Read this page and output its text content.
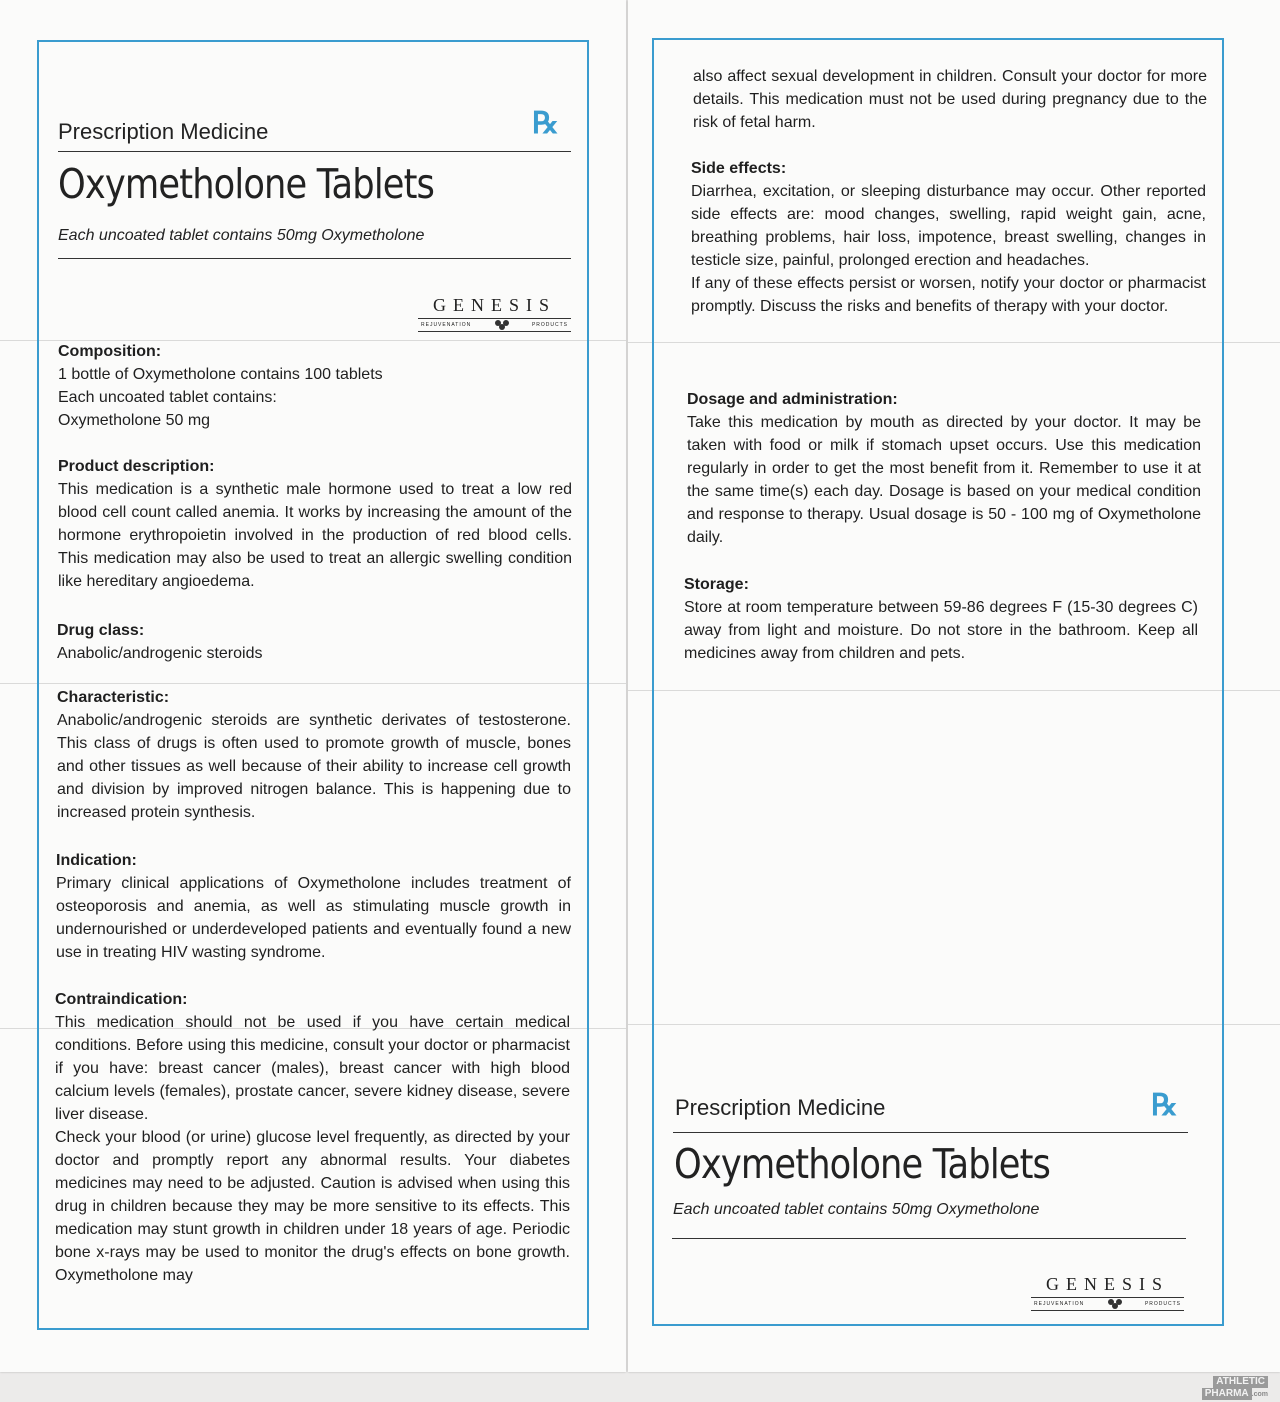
Prescription Medicine	℞
Oxymetholone Tablets
Each uncoated tablet contains 50mg Oxymetholone
GENESIS
REJUVENATION	PRODUCTS
Composition:

1 bottle of Oxymetholone contains 100 tablets

Each uncoated tablet contains:

Oxymetholone 50 mg

Product description:

This medication is a synthetic male hormone used to treat a low red blood cell count called anemia. It works by increasing the amount of the hormone erythropoietin involved in the production of red blood cells. This medication may also be used to treat an allergic swelling condition like hereditary angioedema.

Drug class:

Anabolic/androgenic steroids

Characteristic:

Anabolic/androgenic steroids are synthetic derivates of testosterone. This class of drugs is often used to promote growth of muscle, bones and other tissues as well because of their ability to increase cell growth and division by improved nitrogen balance. This is happening due to increased protein synthesis.

Indication:

Primary clinical applications of Oxymetholone includes treatment of osteoporosis and anemia, as well as stimulating muscle growth in undernourished or underdeveloped patients and eventually found a new use in treating HIV wasting syndrome.

Contraindication:

This medication should not be used if you have certain medical conditions. Before using this medicine, consult your doctor or pharmacist if you have: breast cancer (males), breast cancer with high blood calcium levels (females), prostate cancer, severe kidney disease, severe liver disease.

Check your blood (or urine) glucose level frequently, as directed by your doctor and promptly report any abnormal results. Your diabetes medicines may need to be adjusted. Caution is advised when using this drug in children because they may be more sensitive to its effects. This medication may stunt growth in children under 18 years of age. Periodic bone x-rays may be used to monitor the drug's effects on bone growth. Oxymetholone may

also affect sexual development in children. Consult your doctor for more details. This medication must not be used during pregnancy due to the risk of fetal harm.

Side effects:

Diarrhea, excitation, or sleeping disturbance may occur. Other reported side effects are: mood changes, swelling, rapid weight gain, acne, breathing problems, hair loss, impotence, breast swelling, changes in testicle size, painful, prolonged erection and headaches.

If any of these effects persist or worsen, notify your doctor or pharmacist promptly. Discuss the risks and benefits of therapy with your doctor.

Dosage and administration:

Take this medication by mouth as directed by your doctor. It may be taken with food or milk if stomach upset occurs. Use this medication regularly in order to get the most benefit from it. Remember to use it at the same time(s) each day. Dosage is based on your medical condition and response to therapy. Usual dosage is 50 - 100 mg of Oxymetholone daily.

Storage:

Store at room temperature between 59-86 degrees F (15-30 degrees C) away from light and moisture. Do not store in the bathroom. Keep all medicines away from children and pets.

Prescription Medicine	℞
Oxymetholone Tablets
Each uncoated tablet contains 50mg Oxymetholone
GENESIS
REJUVENATION	PRODUCTS
ATHLETIC
PHARMA .com
